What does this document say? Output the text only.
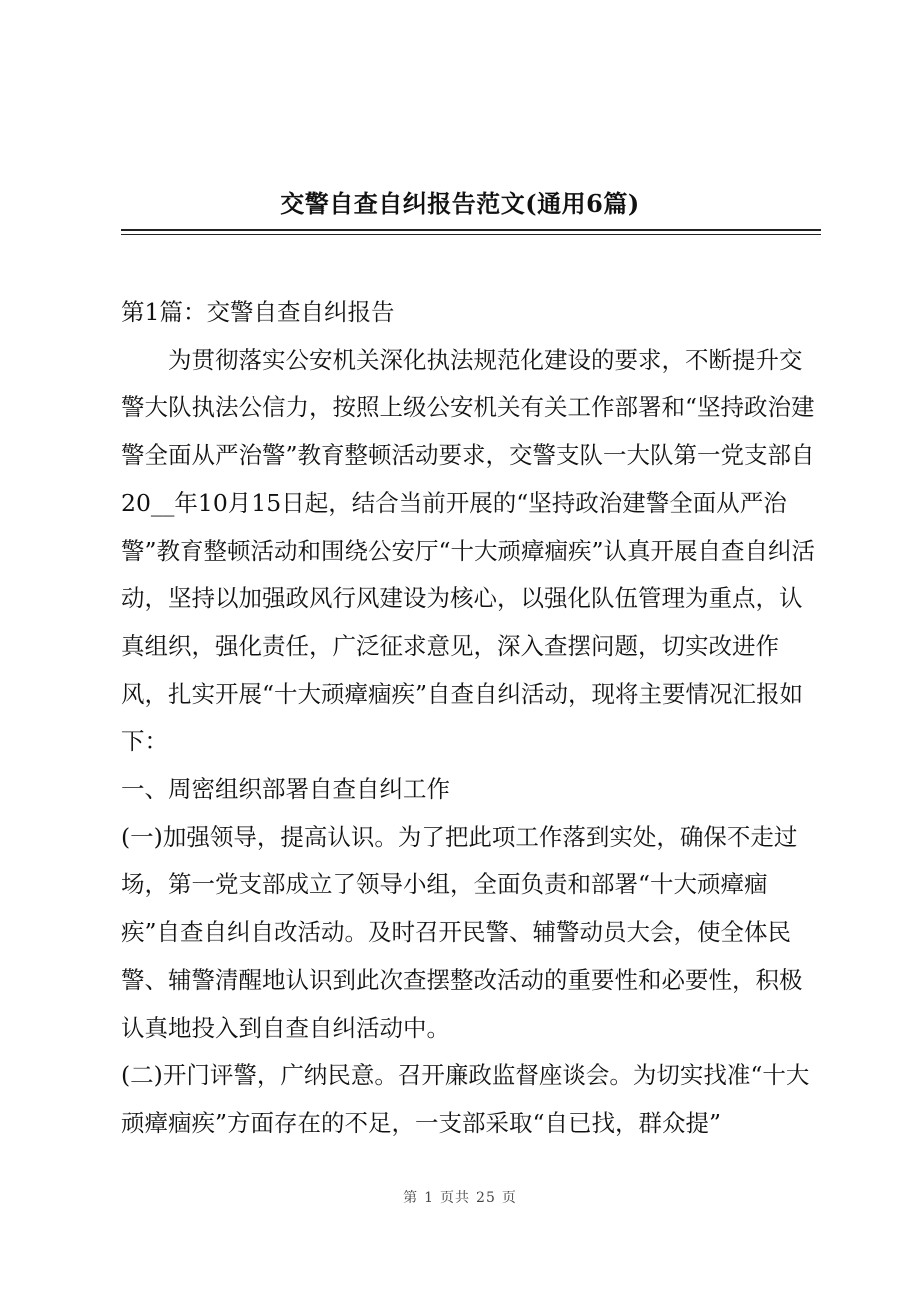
交警自查自纠报告范文(通用6篇)

第1篇：交警自查自纠报告

为贯彻落实公安机关深化执法规范化建设的要求，不断提升交警大队执法公信力，按照上级公安机关有关工作部署和“坚持政治建警全面从严治警”教育整顿活动要求，交警支队一大队第一党支部自20__年10月15日起，结合当前开展的“坚持政治建警全面从严治警”教育整顿活动和围绕公安厅“十大顽瘴痼疾”认真开展自查自纠活动，坚持以加强政风行风建设为核心，以强化队伍管理为重点，认真组织，强化责任，广泛征求意见，深入查摆问题，切实改进作风，扎实开展“十大顽瘴痼疾”自查自纠活动，现将主要情况汇报如下：

一、周密组织部署自查自纠工作

(一)加强领导，提高认识。为了把此项工作落到实处，确保不走过场，第一党支部成立了领导小组，全面负责和部署“十大顽瘴痼疾”自查自纠自改活动。及时召开民警、辅警动员大会，使全体民警、辅警清醒地认识到此次查摆整改活动的重要性和必要性，积极认真地投入到自查自纠活动中。

(二)开门评警，广纳民意。召开廉政监督座谈会。为切实找准“十大顽瘴痼疾”方面存在的不足，一支部采取“自已找，群众提”

第 1 页共 25 页
